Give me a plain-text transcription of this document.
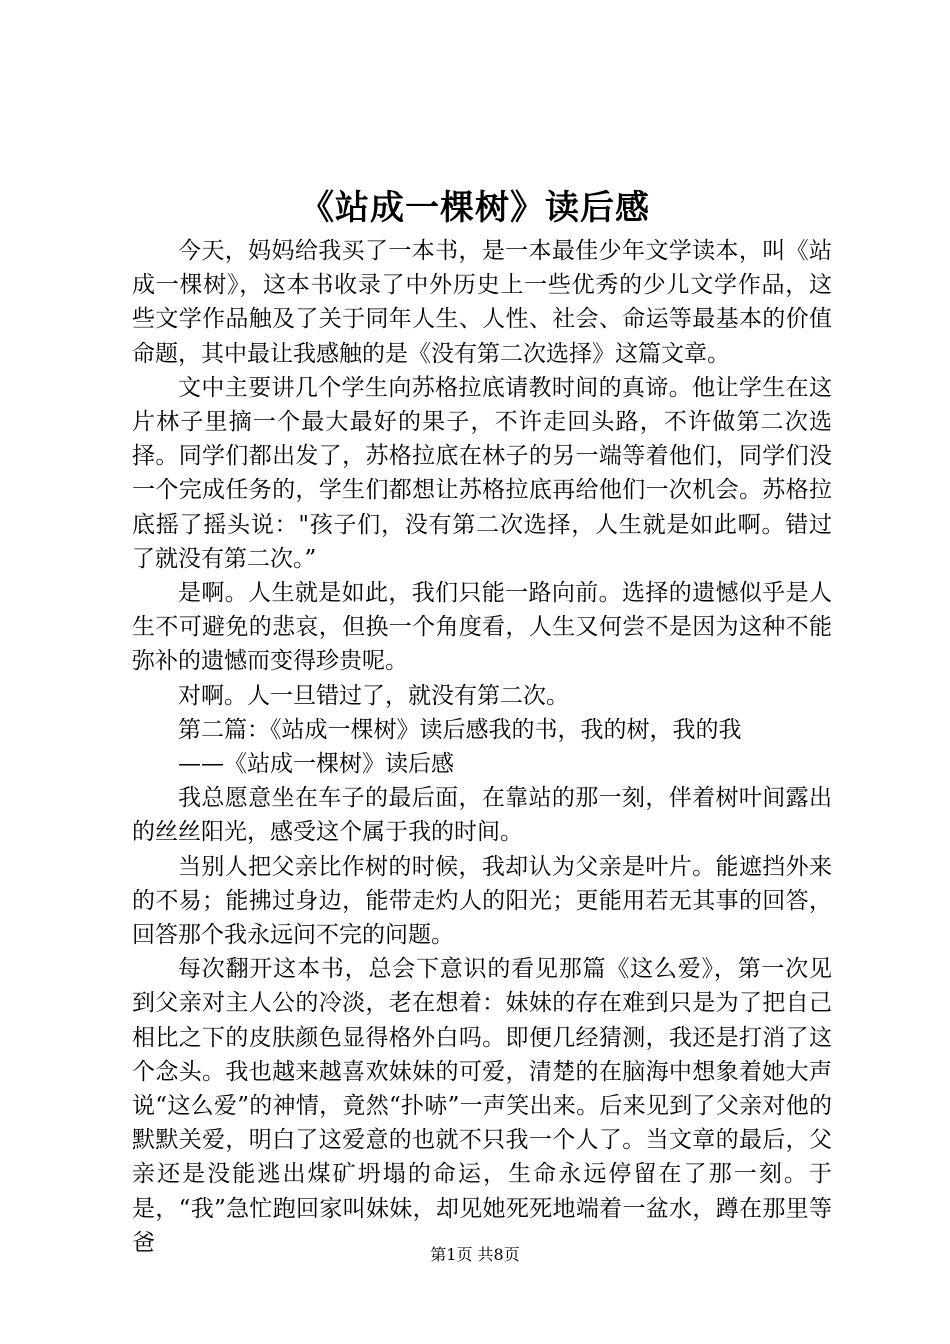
《站成一棵树》读后感

今天，妈妈给我买了一本书，是一本最佳少年文学读本，叫《站成一棵树》，这本书收录了中外历史上一些优秀的少儿文学作品，这些文学作品触及了关于同年人生、人性、社会、命运等最基本的价值命题，其中最让我感触的是《没有第二次选择》这篇文章。

文中主要讲几个学生向苏格拉底请教时间的真谛。他让学生在这片林子里摘一个最大最好的果子，不许走回头路，不许做第二次选择。同学们都出发了，苏格拉底在林子的另一端等着他们，同学们没一个完成任务的，学生们都想让苏格拉底再给他们一次机会。苏格拉底摇了摇头说："孩子们，没有第二次选择，人生就是如此啊。错过了就没有第二次。”

是啊。人生就是如此，我们只能一路向前。选择的遗憾似乎是人生不可避免的悲哀，但换一个角度看，人生又何尝不是因为这种不能弥补的遗憾而变得珍贵呢。

对啊。人一旦错过了，就没有第二次。

第二篇：《站成一棵树》读后感我的书，我的树，我的我

——《站成一棵树》读后感

我总愿意坐在车子的最后面，在靠站的那一刻，伴着树叶间露出的丝丝阳光，感受这个属于我的时间。

当别人把父亲比作树的时候，我却认为父亲是叶片。能遮挡外来的不易；能拂过身边，能带走灼人的阳光；更能用若无其事的回答，回答那个我永远问不完的问题。

每次翻开这本书，总会下意识的看见那篇《这么爱》，第一次见到父亲对主人公的冷淡，老在想着：妹妹的存在难到只是为了把自己相比之下的皮肤颜色显得格外白吗。即便几经猜测，我还是打消了这个念头。我也越来越喜欢妹妹的可爱，清楚的在脑海中想象着她大声说“这么爱”的神情，竟然“扑哧”一声笑出来。后来见到了父亲对他的默默关爱，明白了这爱意的也就不只我一个人了。当文章的最后，父亲还是没能逃出煤矿坍塌的命运，生命永远停留在了那一刻。于是，“我”急忙跑回家叫妹妹，却见她死死地端着一盆水，蹲在那里等爸	第1页 共8页
